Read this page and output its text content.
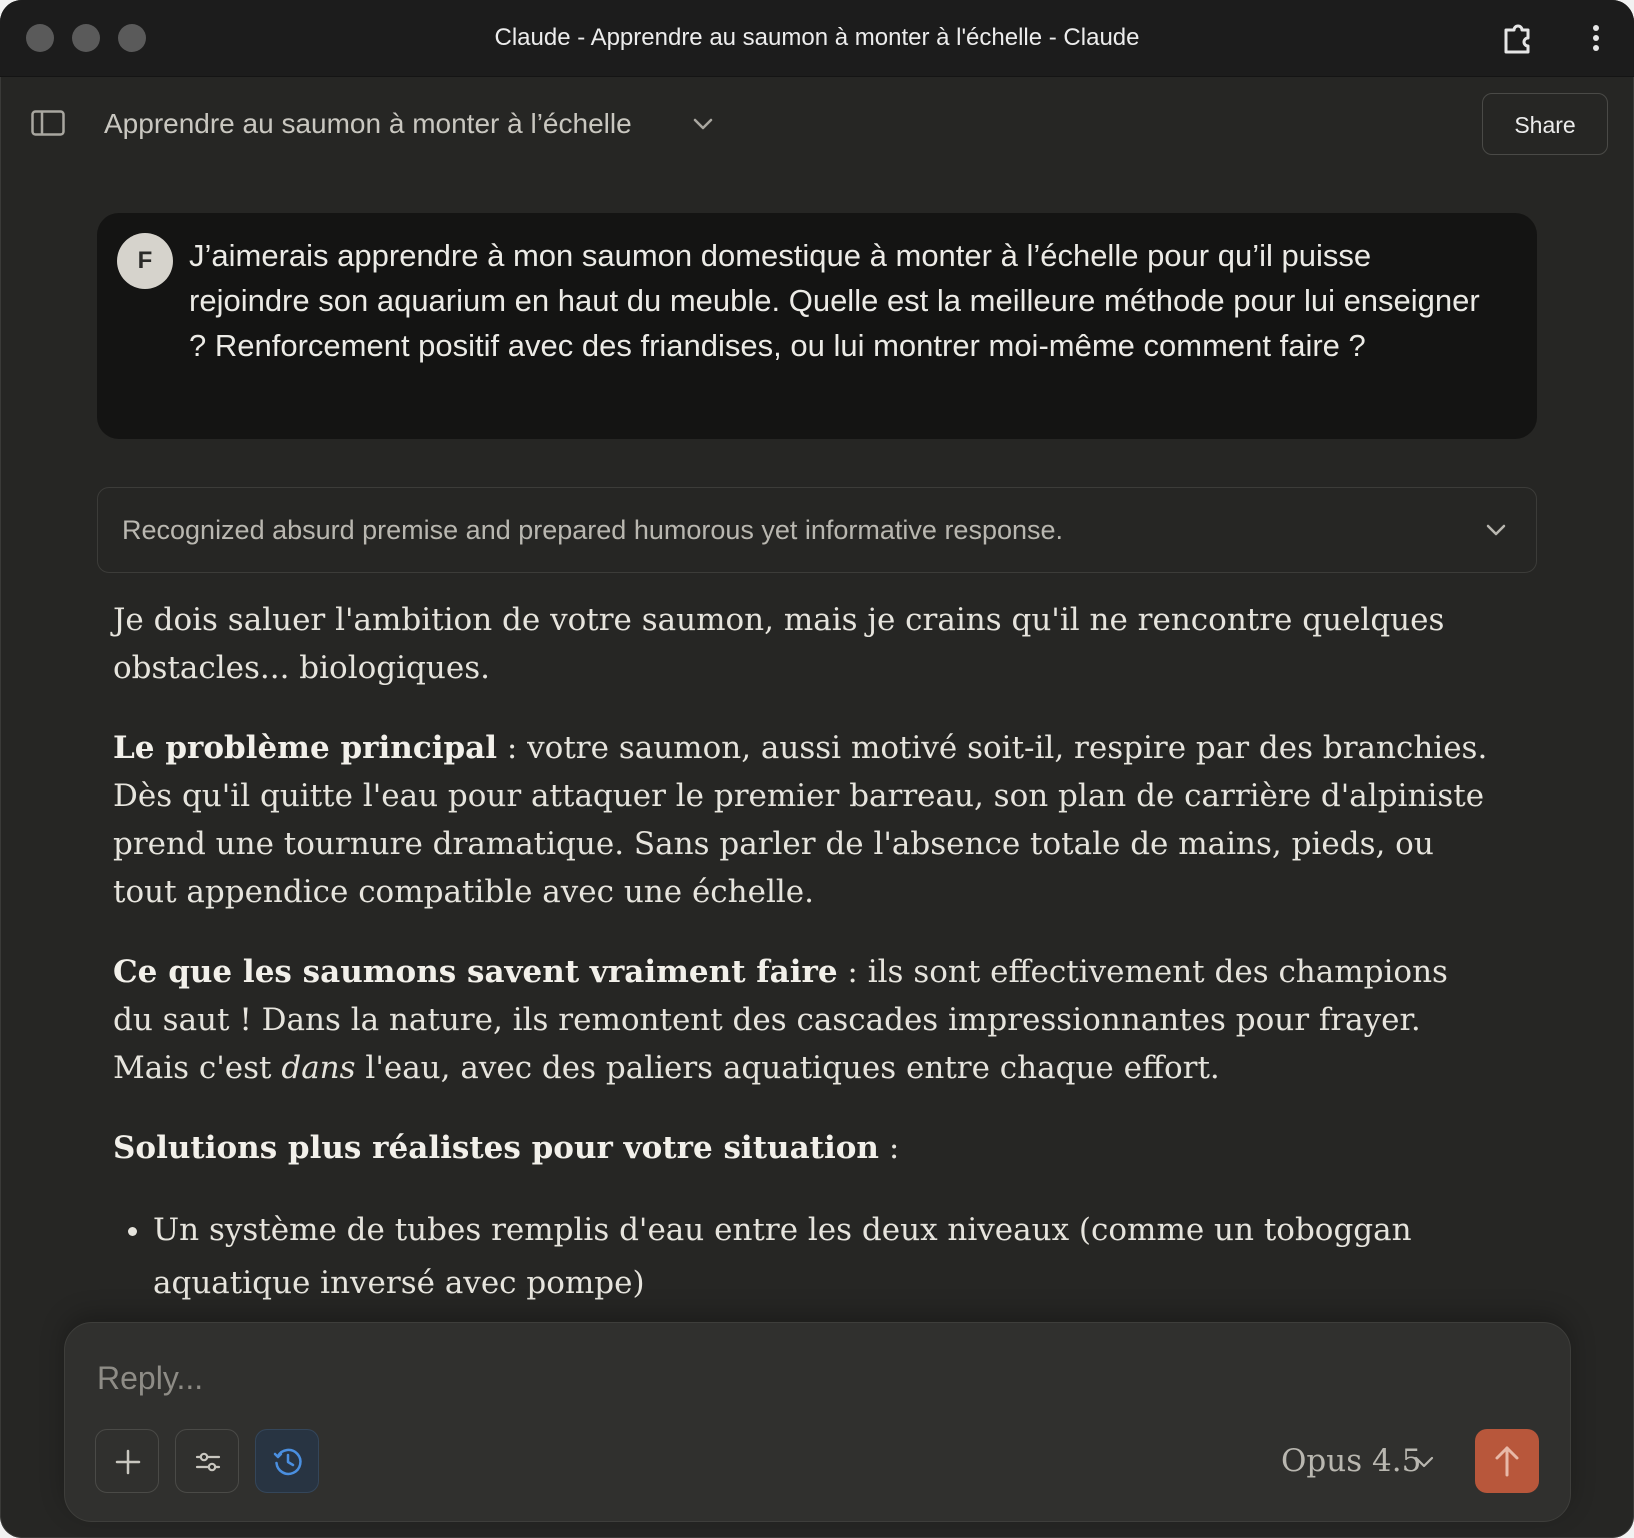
Claude - Apprendre au saumon à monter à l'échelle - Claude
Apprendre au saumon à monter à l’échelle	Share
F	J’aimerais apprendre à mon saumon domestique à monter à l’échelle pour qu’il puisse rejoindre son aquarium en haut du meuble. Quelle est la meilleure méthode pour lui enseigner ? Renforcement positif avec des friandises, ou lui montrer moi-même comment faire ?
Recognized absurd premise and prepared humorous yet informative response.

Je dois saluer l'ambition de votre saumon, mais je crains qu'il ne rencontre quelques obstacles... biologiques.

Le problème principal : votre saumon, aussi motivé soit-il, respire par des branchies. Dès qu'il quitte l'eau pour attaquer le premier barreau, son plan de carrière d'alpiniste prend une tournure dramatique. Sans parler de l'absence totale de mains, pieds, ou tout appendice compatible avec une échelle.

Ce que les saumons savent vraiment faire : ils sont effectivement des champions du saut ! Dans la nature, ils remontent des cascades impressionnantes pour frayer. Mais c'est dans l'eau, avec des paliers aquatiques entre chaque effort.

Solutions plus réalistes pour votre situation :

• Un système de tubes remplis d'eau entre les deux niveaux (comme un toboggan aquatique inversé avec pompe)
Reply...
Opus 4.5
